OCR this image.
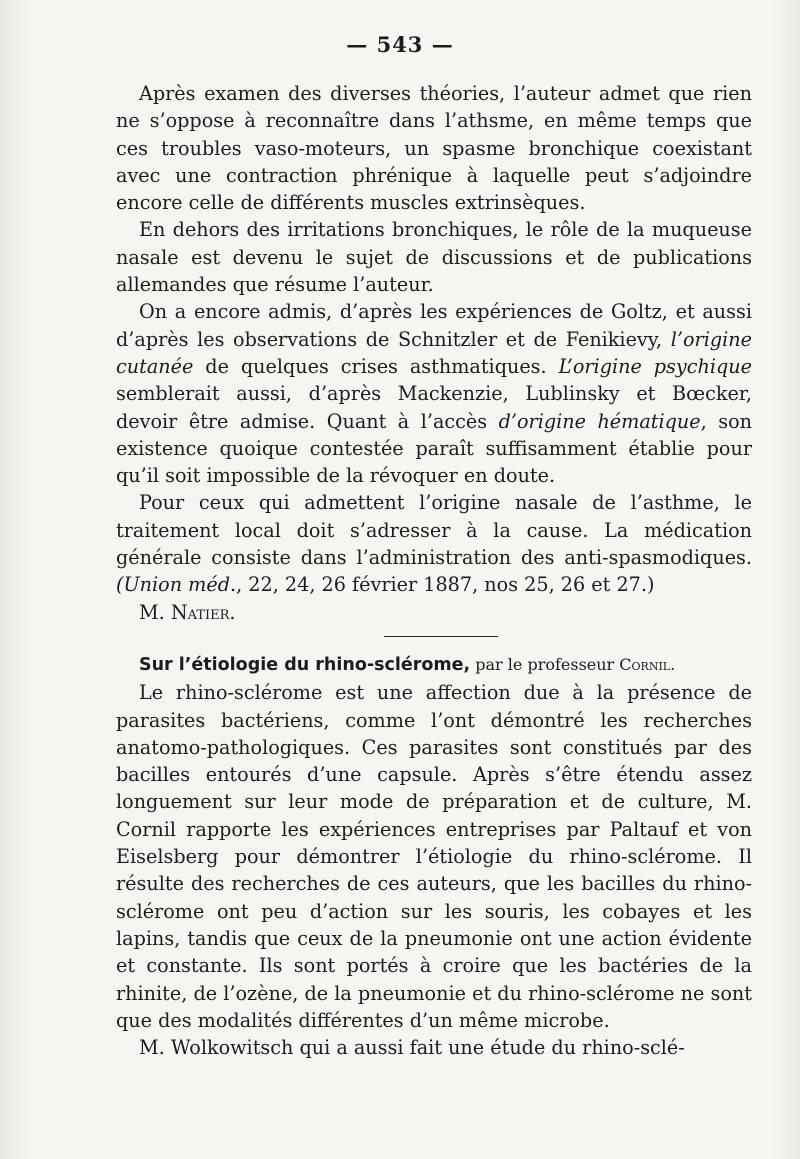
— 543 —

Après examen des diverses théories, l’auteur admet que rien ne s’oppose à reconnaître dans l’athsme, en même temps que ces troubles vaso-moteurs, un spasme bronchique coexistant avec une contraction phrénique à laquelle peut s’adjoindre encore celle de différents muscles extrinsèques.

En dehors des irritations bronchiques, le rôle de la muqueuse nasale est devenu le sujet de discussions et de publications allemandes que résume l’auteur.

On a encore admis, d’après les expériences de Goltz, et aussi d’après les observations de Schnitzler et de Fenikievy, l’origine cutanée de quelques crises asthmatiques. L’origine psychique semblerait aussi, d’après Mackenzie, Lublinsky et Bœcker, devoir être admise. Quant à l’accès d’origine hématique, son existence quoique contestée paraît suffisamment établie pour qu’il soit impossible de la révoquer en doute.

Pour ceux qui admettent l’origine nasale de l’asthme, le traitement local doit s’adresser à la cause. La médication générale consiste dans l’administration des anti-spasmodiques. (Union méd., 22, 24, 26 février 1887, nos 25, 26 et 27.)

M. Natier.

Sur l’étiologie du rhino-sclérome, par le professeur Cornil.

Le rhino-sclérome est une affection due à la présence de parasites bactériens, comme l’ont démontré les recherches anatomo-pathologiques. Ces parasites sont constitués par des bacilles entourés d’une capsule. Après s’être étendu assez longuement sur leur mode de préparation et de culture, M. Cornil rapporte les expériences entreprises par Paltauf et von Eiselsberg pour démontrer l’étiologie du rhino-sclérome. Il résulte des recherches de ces auteurs, que les bacilles du rhino-sclérome ont peu d’action sur les souris, les cobayes et les lapins, tandis que ceux de la pneumonie ont une action évidente et constante. Ils sont portés à croire que les bactéries de la rhinite, de l’ozène, de la pneumonie et du rhino-sclérome ne sont que des modalités différentes d’un même microbe.

M. Wolkowitsch qui a aussi fait une étude du rhino-sclé-
